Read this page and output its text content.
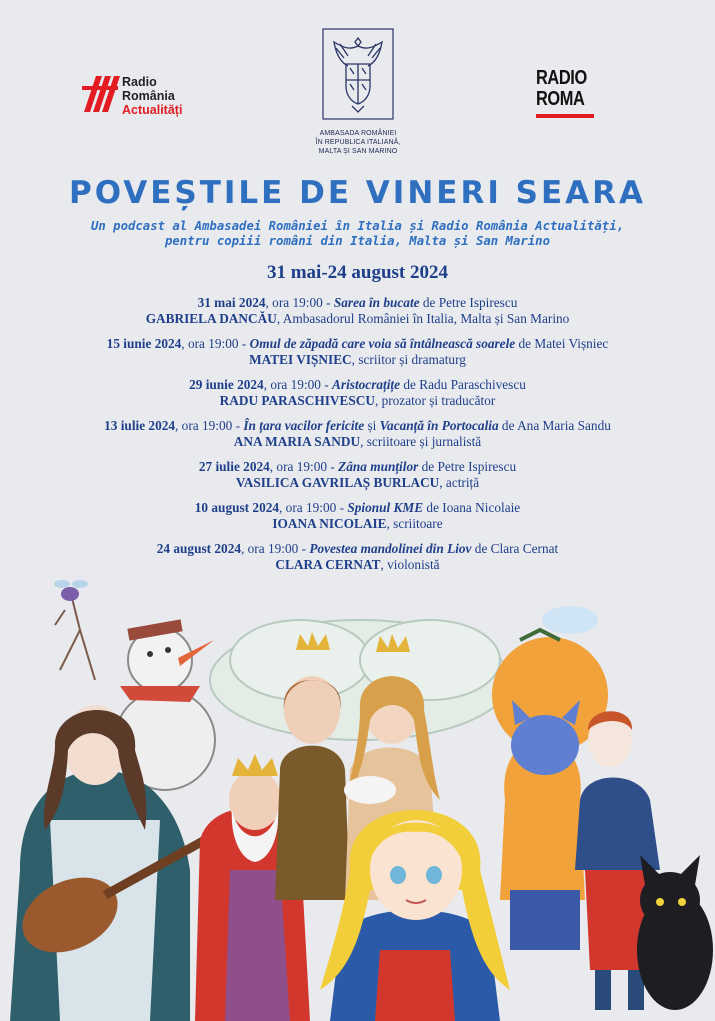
Radio
România
Actualități
AMBASADA ROMÂNIEI
ÎN REPUBLICA ITALIANĂ,
MALTA ȘI SAN MARINO
RADIO
ROMA
POVEȘTILE DE VINERI SEARA
Un podcast al Ambasadei României în Italia și Radio România Actualități,
pentru copiii români din Italia, Malta și San Marino
31 mai-24 august 2024
31 mai 2024, ora 19:00 - Sarea în bucate de Petre Ispirescu
GABRIELA DANCĂU, Ambasadorul României în Italia, Malta și San Marino
15 iunie 2024, ora 19:00 - Omul de zăpadă care voia să întâlnească soarele de Matei Vișniec
MATEI VIȘNIEC, scriitor și dramaturg
29 iunie 2024, ora 19:00 - Aristocrațițe de Radu Paraschivescu
RADU PARASCHIVESCU, prozator și traducător
13 iulie 2024, ora 19:00 - În țara vacilor fericite și Vacanță în Portocalia de Ana Maria Sandu
ANA MARIA SANDU, scriitoare și jurnalistă
27 iulie 2024, ora 19:00 - Zâna munților de Petre Ispirescu
VASILICA GAVRILAȘ BURLACU, actriță
10 august 2024, ora 19:00 - Spionul KME de Ioana Nicolaie
IOANA NICOLAIE, scriitoare
24 august 2024, ora 19:00 - Povestea mandolinei din Liov de Clara Cernat
CLARA CERNAT, violonistă
